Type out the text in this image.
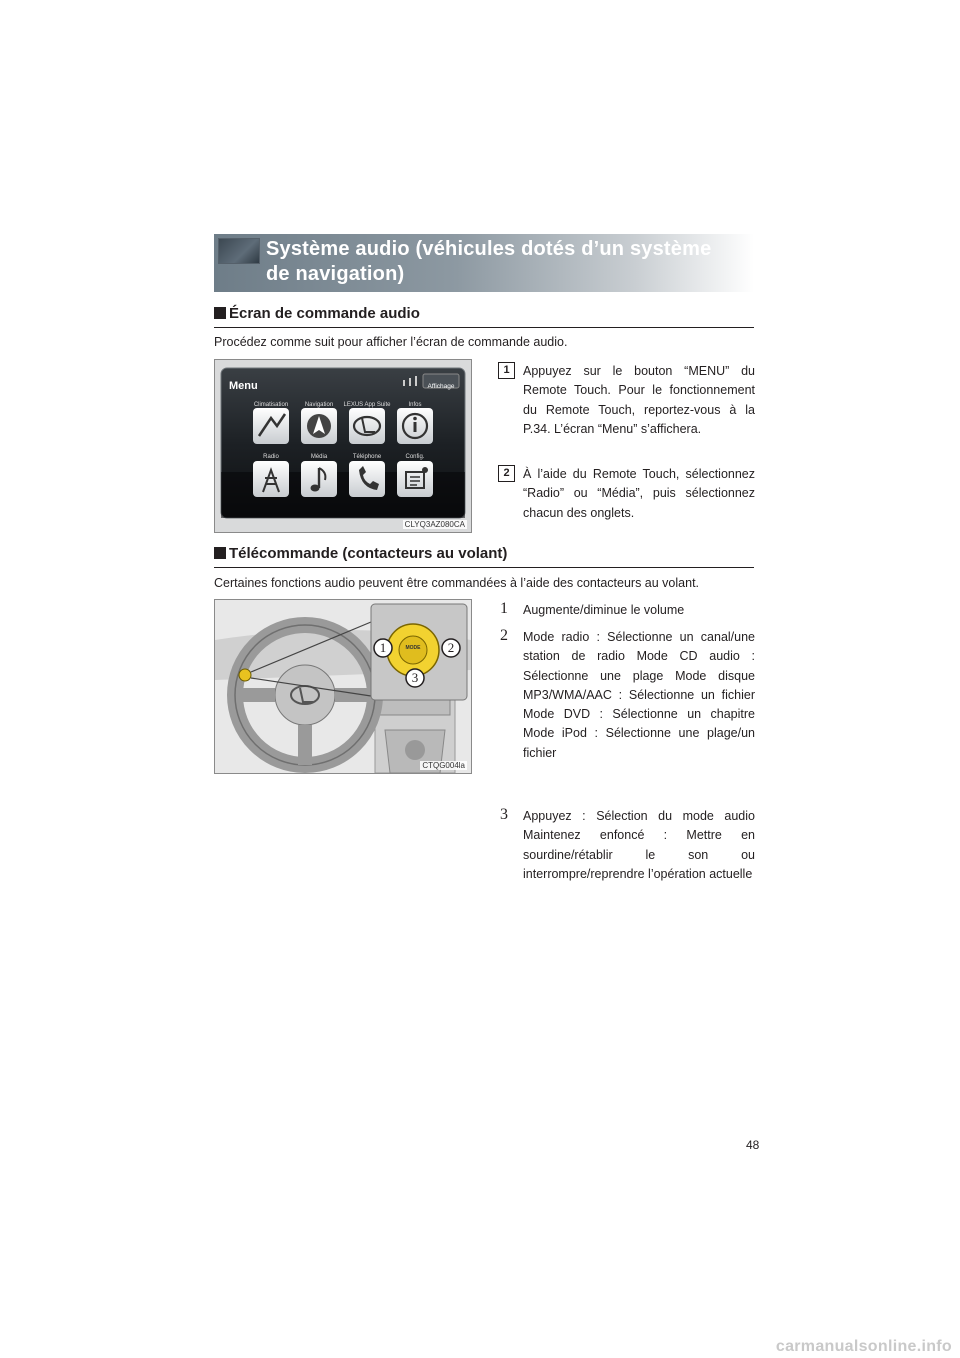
Système audio (véhicules dotés d’un système de navigation)
Écran de commande audio
Procédez comme suit pour afficher l’écran de commande audio.
Menu	Affichage
Climatisation	Navigation	LEXUS App Suite	Infos
Radio	Média	Téléphone	Config.
CLYQ3AZ080CA
1	Appuyez sur le bouton “MENU” du Remote Touch. Pour le fonctionnement du Remote Touch, reportez-vous à la P.34. L’écran “Menu” s’affichera.
2	À l’aide du Remote Touch, sélectionnez “Radio” ou “Média”, puis sélectionnez chacun des onglets.
Télécommande (contacteurs au volant)
Certaines fonctions audio peuvent être commandées à l’aide des contacteurs au volant.
MODE
1	2
3
CTQG004la
1 Augmente/diminue le volume
2 Mode radio : Sélectionne un canal/une station de radio Mode CD audio : Sélectionne une plage Mode disque MP3/WMA/AAC : Sélectionne un fichier Mode DVD : Sélectionne un chapitre Mode iPod : Sélectionne une plage/un fichier
3 Appuyez : Sélection du mode audio Maintenez enfoncé : Mettre en sourdine/rétablir le son ou interrompre/reprendre l’opération actuelle
48
carmanualsonline.info
